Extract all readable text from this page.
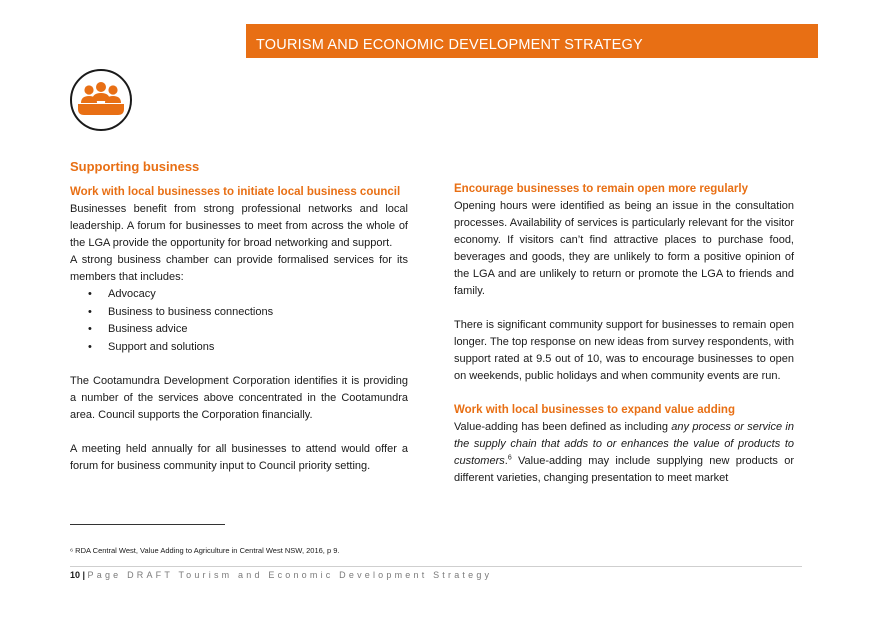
TOURISM AND ECONOMIC DEVELOPMENT STRATEGY
Supporting business
Work with local businesses to initiate local business council

Businesses benefit from strong professional networks and local leadership. A forum for businesses to meet from across the whole of the LGA provide the opportunity for broad networking and support.

A strong business chamber can provide formalised services for its members that includes:

• Advocacy
• Business to business connections
• Business advice
• Support and solutions

The Cootamundra Development Corporation identifies it is providing a number of the services above concentrated in the Cootamundra area. Council supports the Corporation financially.

A meeting held annually for all businesses to attend would offer a forum for business community input to Council priority setting.

Encourage businesses to remain open more regularly

Opening hours were identified as being an issue in the consultation processes. Availability of services is particularly relevant for the visitor economy. If visitors can’t find attractive places to purchase food, beverages and goods, they are unlikely to form a positive opinion of the LGA and are unlikely to return or promote the LGA to friends and family.

There is significant community support for businesses to remain open longer. The top response on new ideas from survey respondents, with support rated at 9.5 out of 10, was to encourage businesses to open on weekends, public holidays and when community events are run.

Work with local businesses to expand value adding

Value-adding has been defined as including any process or service in the supply chain that adds to or enhances the value of products to customers.$^6$ Value-adding may include supplying new products or different varieties, changing presentation to meet market

⁶ RDA Central West, Value Adding to Agriculture in Central West NSW, 2016, p 9.
10 | Page DRAFT Tourism and Economic Development Strategy
